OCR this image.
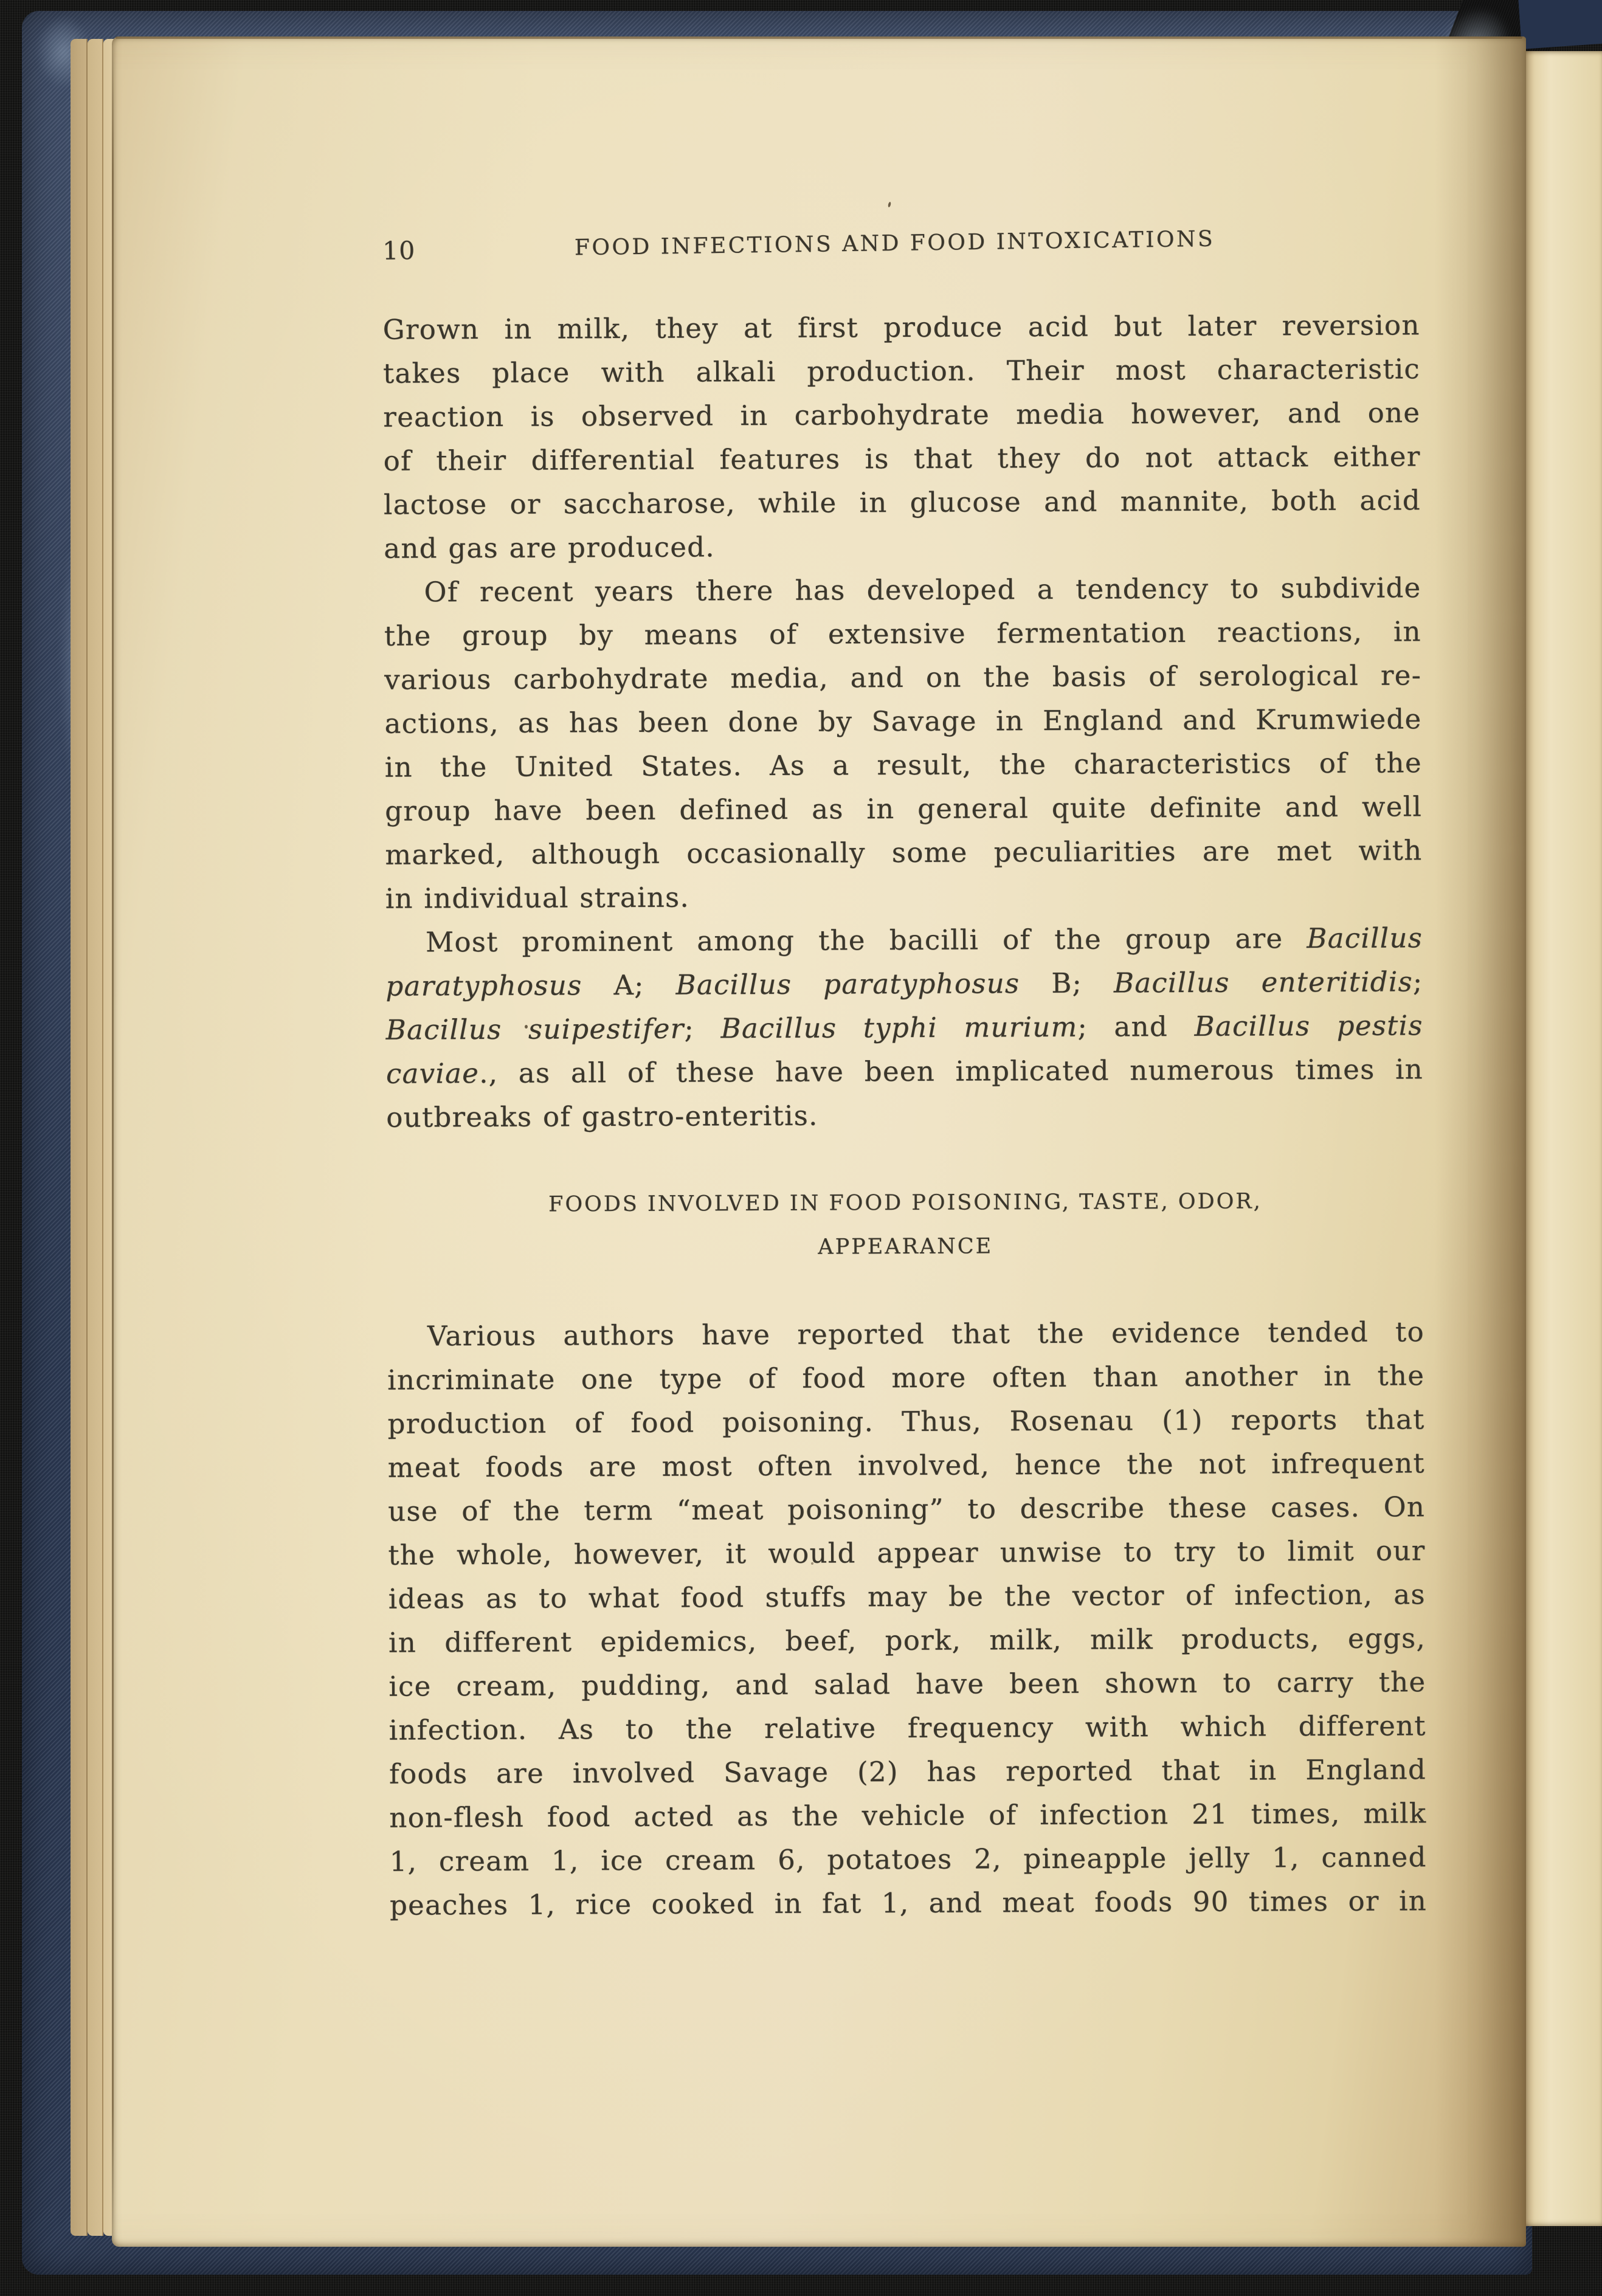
10	FOOD INFECTIONS AND FOOD INTOXICATIONS
Grown in milk, they at first produce acid but later reversion
takes place with alkali production. Their most characteristic
reaction is observed in carbohydrate media however, and one
of their differential features is that they do not attack either
lactose or saccharose, while in glucose and mannite, both acid
and gas are produced.
Of recent years there has developed a tendency to subdivide
the group by means of extensive fermentation reactions, in
various carbohydrate media, and on the basis of serological re-
actions, as has been done by Savage in England and Krumwiede
in the United States. As a result, the characteristics of the
group have been defined as in general quite definite and well
marked, although occasionally some peculiarities are met with
in individual strains.
Most prominent among the bacilli of the group are Bacillus
paratyphosus A; Bacillus paratyphosus B; Bacillus enteritidis;
Bacillus suipestifer; Bacillus typhi murium; and Bacillus pestis
caviae., as all of these have been implicated numerous times in
outbreaks of gastro-enteritis.
FOODS INVOLVED IN FOOD POISONING, TASTE, ODOR,
APPEARANCE
Various authors have reported that the evidence tended to
incriminate one type of food more often than another in the
production of food poisoning. Thus, Rosenau (1) reports that
meat foods are most often involved, hence the not infrequent
use of the term “meat poisoning” to describe these cases. On
the whole, however, it would appear unwise to try to limit our
ideas as to what food stuffs may be the vector of infection, as
in different epidemics, beef, pork, milk, milk products, eggs,
ice cream, pudding, and salad have been shown to carry the
infection. As to the relative frequency with which different
foods are involved Savage (2) has reported that in England
non-flesh food acted as the vehicle of infection 21 times, milk
1, cream 1, ice cream 6, potatoes 2, pineapple jelly 1, canned
peaches 1, rice cooked in fat 1, and meat foods 90 times or in
